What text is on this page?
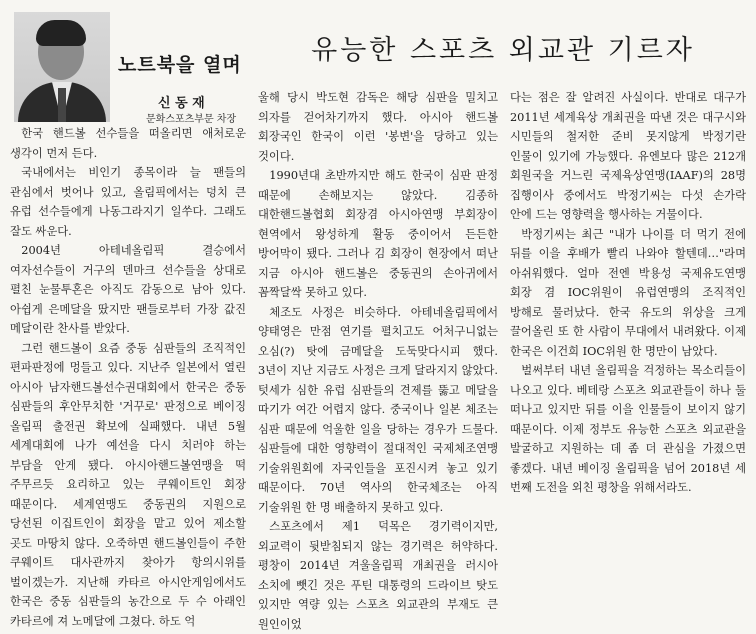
노트북을 열며
신 동 재
문화스포츠부문 차장
유능한 스포츠 외교관 기르자

한국 핸드볼 선수들을 떠올리면 애처로운 생각이 먼저 든다.

국내에서는 비인기 종목이라 늘 팬들의 관심에서 벗어나 있고, 올림픽에서는 덩치 큰 유럽 선수들에게 나동그라지기 일쑤다. 그래도 잘도 싸운다.

2004년 아테네올림픽 결승에서 여자선수들이 거구의 덴마크 선수들을 상대로 펼친 눈물투혼은 아직도 감동으로 남아 있다. 아쉽게 은메달을 땄지만 팬들로부터 가장 값진 메달이란 찬사를 받았다.

그런 핸드볼이 요즘 중동 심판들의 조직적인 편파판정에 멍들고 있다. 지난주 일본에서 열린 아시아 남자핸드볼선수권대회에서 한국은 중동 심판들의 후안무치한 '거꾸로' 판정으로 베이징 올림픽 출전권 확보에 실패했다. 내년 5월 세계대회에 나가 예선을 다시 치러야 하는 부담을 안게 됐다. 아시아핸드볼연맹을 떡 주무르듯 요리하고 있는 쿠웨이트인 회장 때문이다. 세계연맹도 중동권의 지원으로 당선된 이집트인이 회장을 맡고 있어 제소할 곳도 마땅치 않다. 오죽하면 핸드볼인들이 주한 쿠웨이트 대사관까지 찾아가 항의시위를 벌이겠는가. 지난해 카타르 아시안게임에서도 한국은 중동 심판들의 농간으로 두 수 아래인 카타르에 져 노메달에 그쳤다. 하도 억

울해 당시 박도현 감독은 해당 심판을 밀치고 의자를 걷어차기까지 했다. 아시아 핸드볼 회장국인 한국이 이런 '봉변'을 당하고 있는 것이다.

1990년대 초반까지만 해도 한국이 심판 판정 때문에 손해보지는 않았다. 김종하 대한핸드볼협회 회장겸 아시아연맹 부회장이 현역에서 왕성하게 활동 중이어서 든든한 방어막이 됐다. 그러나 김 회장이 현장에서 떠난 지금 아시아 핸드볼은 중동권의 손아귀에서 꼼짝달싹 못하고 있다.

체조도 사정은 비슷하다. 아테네올림픽에서 양태영은 만점 연기를 펼치고도 어처구니없는 오심(?) 탓에 금메달을 도둑맞다시피 했다. 3년이 지난 지금도 사정은 크게 달라지지 않았다. 텃세가 심한 유럽 심판들의 견제를 뚫고 메달을 따기가 여간 어렵지 않다. 중국이나 일본 체조는 심판 때문에 억울한 일을 당하는 경우가 드물다. 심판들에 대한 영향력이 절대적인 국제체조연맹 기술위원회에 자국인들을 포진시켜 놓고 있기 때문이다. 70년 역사의 한국체조는 아직 기술위원 한 명 배출하지 못하고 있다.

스포츠에서 제1 덕목은 경기력이지만, 외교력이 뒷받침되지 않는 경기력은 허약하다. 평창이 2014년 겨울올림픽 개최권을 러시아 소치에 뺏긴 것은 푸틴 대통령의 드라이브 탓도 있지만 역량 있는 스포츠 외교관의 부재도 큰 원인이었

다는 점은 잘 알려진 사실이다. 반대로 대구가 2011년 세계육상 개최권을 따낸 것은 대구시와 시민들의 철저한 준비 못지않게 박정기란 인물이 있기에 가능했다. 유엔보다 많은 212개 회원국을 거느린 국제육상연맹(IAAF)의 28명 집행이사 중에서도 박정기씨는 다섯 손가락 안에 드는 영향력을 행사하는 거물이다.

박정기씨는 최근 "내가 나이를 더 먹기 전에 뒤를 이을 후배가 빨리 나와야 할텐데…"라며 아쉬워했다. 얼마 전엔 박용성 국제유도연맹 회장 겸 IOC위원이 유럽연맹의 조직적인 방해로 물러났다. 한국 유도의 위상을 크게 끌어올린 또 한 사람이 무대에서 내려왔다. 이제 한국은 이건희 IOC위원 한 명만이 남았다.

벌써부터 내년 올림픽을 걱정하는 목소리들이 나오고 있다. 베테랑 스포츠 외교관들이 하나 둘 떠나고 있지만 뒤를 이을 인물들이 보이지 않기 때문이다. 이제 정부도 유능한 스포츠 외교관을 발굴하고 지원하는 데 좀 더 관심을 가졌으면 좋겠다. 내년 베이징 올림픽을 넘어 2018년 세 번째 도전을 외친 평창을 위해서라도.
